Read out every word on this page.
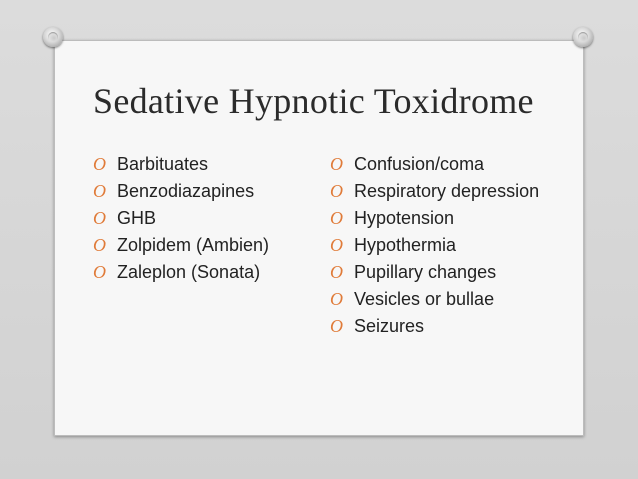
Sedative Hypnotic Toxidrome
O Barbituates
O Benzodiazapines
O GHB
O Zolpidem (Ambien)
O Zaleplon (Sonata)
O Confusion/coma
O Respiratory depression
O Hypotension
O Hypothermia
O Pupillary changes
O Vesicles or bullae
O Seizures
